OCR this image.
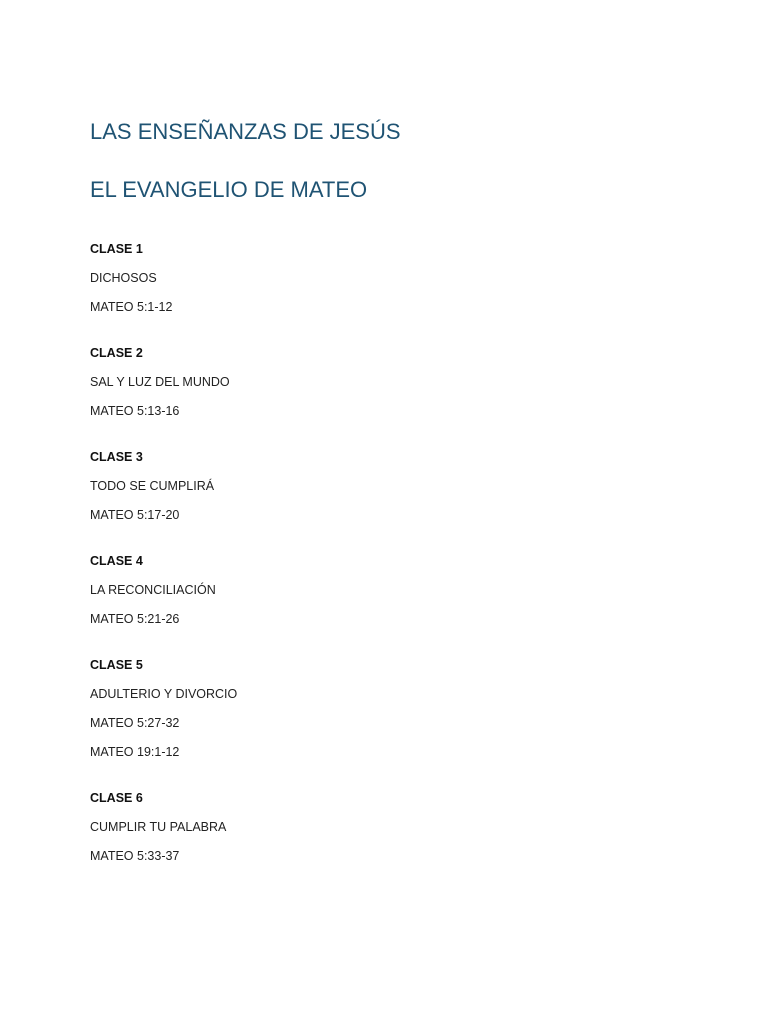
LAS ENSEÑANZAS DE JESÚS
EL EVANGELIO DE MATEO
CLASE 1
DICHOSOS
MATEO 5:1-12
CLASE 2
SAL Y LUZ DEL MUNDO
MATEO 5:13-16
CLASE 3
TODO SE CUMPLIRÁ
MATEO 5:17-20
CLASE 4
LA RECONCILIACIÓN
MATEO 5:21-26
CLASE 5
ADULTERIO Y DIVORCIO
MATEO 5:27-32
MATEO 19:1-12
CLASE 6
CUMPLIR TU PALABRA
MATEO 5:33-37
